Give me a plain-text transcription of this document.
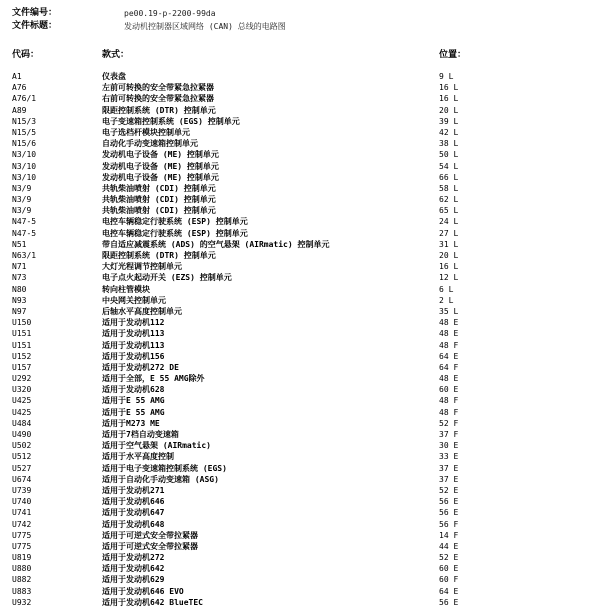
文件编号：	pe00.19-p-2200-99da
文件标题：	发动机控制器区域网络 (CAN) 总线的电路图
代码：	款式：	位置：
A1	仪表盘	9 L
A76	左前可转换的安全带紧急拉紧器	16 L
A76/1	右前可转换的安全带紧急拉紧器	16 L
A89	限距控制系统 (DTR) 控制单元	20 L
N15/3	电子变速箱控制系统 (EGS) 控制单元	39 L
N15/5	电子选档杆模块控制单元	42 L
N15/6	自动化手动变速箱控制单元	38 L
N3/10	发动机电子设备 (ME) 控制单元	50 L
N3/10	发动机电子设备 (ME) 控制单元	54 L
N3/10	发动机电子设备 (ME) 控制单元	66 L
N3/9	共轨柴油喷射 (CDI) 控制单元	58 L
N3/9	共轨柴油喷射 (CDI) 控制单元	62 L
N3/9	共轨柴油喷射 (CDI) 控制单元	65 L
N47-5	电控车辆稳定行驶系统 (ESP) 控制单元	24 L
N47-5	电控车辆稳定行驶系统 (ESP) 控制单元	27 L
N51	带自适应减震系统 (ADS) 的空气悬架 (AIRmatic) 控制单元	31 L
N63/1	限距控制系统 (DTR) 控制单元	20 L
N71	大灯光程调节控制单元	16 L
N73	电子点火起动开关 (EZS) 控制单元	12 L
N80	转向柱管模块	6 L
N93	中央网关控制单元	2 L
N97	后轴水平高度控制单元	35 L
U150	适用于发动机112	48 E
U151	适用于发动机113	48 E
U151	适用于发动机113	48 F
U152	适用于发动机156	64 E
U157	适用于发动机272 DE	64 F
U292	适用于全部，E 55 AMG除外	48 E
U320	适用于发动机628	60 E
U425	适用于E 55 AMG	48 F
U425	适用于E 55 AMG	48 F
U484	适用于M273 ME	52 F
U490	适用于7档自动变速箱	37 F
U502	适用于空气悬架 (AIRmatic)	30 E
U512	适用于水平高度控制	33 E
U527	适用于电子变速箱控制系统 (EGS)	37 E
U674	适用于自动化手动变速箱 (ASG)	37 E
U739	适用于发动机271	52 E
U740	适用于发动机646	56 E
U741	适用于发动机647	56 E
U742	适用于发动机648	56 F
U775	适用于可逆式安全带拉紧器	14 F
U775	适用于可逆式安全带拉紧器	44 E
U819	适用于发动机272	52 E
U880	适用于发动机642	60 E
U882	适用于发动机629	60 F
U883	适用于发动机646 EVO	64 E
U932	适用于发动机642 BlueTEC	56 E
